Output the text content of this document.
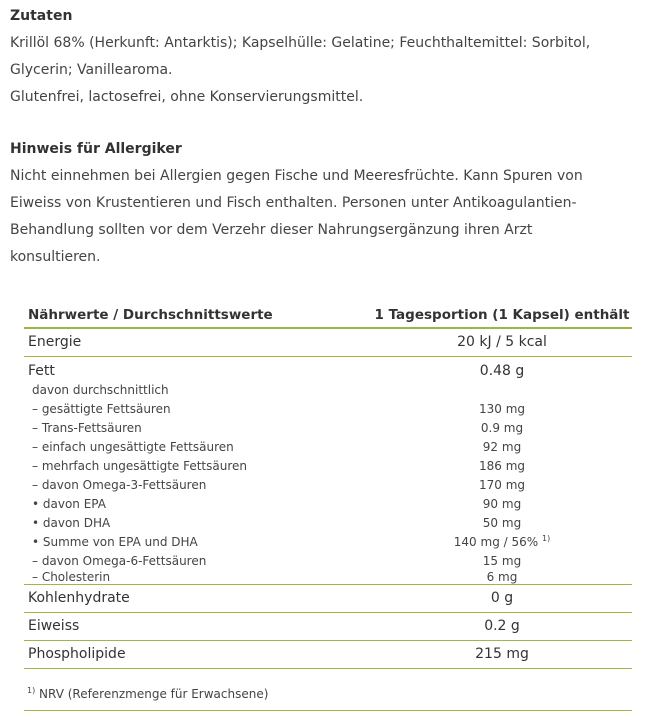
Zutaten

Krillöl 68% (Herkunft: Antarktis); Kapselhülle: Gelatine; Feuchthaltemittel: Sorbitol,

Glycerin; Vanillearoma.

Glutenfrei, lactosefrei, ohne Konservierungsmittel.

Hinweis für Allergiker

Nicht einnehmen bei Allergien gegen Fische und Meeresfrüchte. Kann Spuren von

Eiweiss von Krustentieren und Fisch enthalten. Personen unter Antikoagulantien-

Behandlung sollten vor dem Verzehr dieser Nahrungsergänzung ihren Arzt

konsultieren.

Nährwerte / Durchschnittswerte	1 Tagesportion (1 Kapsel) enthält
Energie	20 kJ / 5 kcal
Fett	0.48 g
davon durchschnittlich
– gesättigte Fettsäuren	130 mg
– Trans-Fettsäuren	0.9 mg
– einfach ungesättigte Fettsäuren	92 mg
– mehrfach ungesättigte Fettsäuren	186 mg
– davon Omega-3-Fettsäuren	170 mg
• davon EPA	90 mg
• davon DHA	50 mg
• Summe von EPA und DHA	140 mg / 56% $^{1)}$
– davon Omega-6-Fettsäuren	15 mg
– Cholesterin	6 mg
Kohlenhydrate	0 g
Eiweiss	0.2 g
Phospholipide	215 mg
$^{1)}$ NRV (Referenzmenge für Erwachsene)
